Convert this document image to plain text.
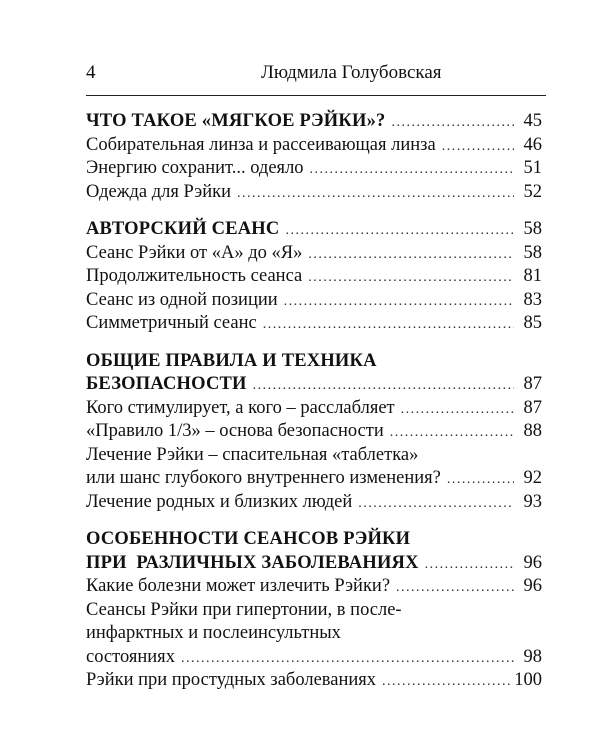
4	Людмила Голубовская
ЧТО ТАКОЕ «МЯГКОЕ РЭЙКИ»? .....	45
Собирательная линза и рассеивающая линза .....	46
Энергию сохранит... одеяло .....	51
Одежда для Рэйки .....	52
АВТОРСКИЙ СЕАНС .....	58
Сеанс Рэйки от «А» до «Я» .....	58
Продолжительность сеанса .....	81
Сеанс из одной позиции .....	83
Симметричный сеанс .....	85
ОБЩИЕ ПРАВИЛА И ТЕХНИКА
БЕЗОПАСНОСТИ .....	87
Кого стимулирует, а кого – расслабляет .....	87
«Правило 1/3» – основа безопасности .....	88
Лечение Рэйки – спасительная «таблетка»
или шанс глубокого внутреннего изменения? .....	92
Лечение родных и близких людей .....	93
ОСОБЕННОСТИ СЕАНСОВ РЭЙКИ
ПРИ  РАЗЛИЧНЫХ ЗАБОЛЕВАНИЯХ .....	96
Какие болезни может излечить Рэйки? .....	96
Сеансы Рэйки при гипертонии, в после-
инфарктных и послеинсультных
состояниях .....	98
Рэйки при простудных заболеваниях .....	100
